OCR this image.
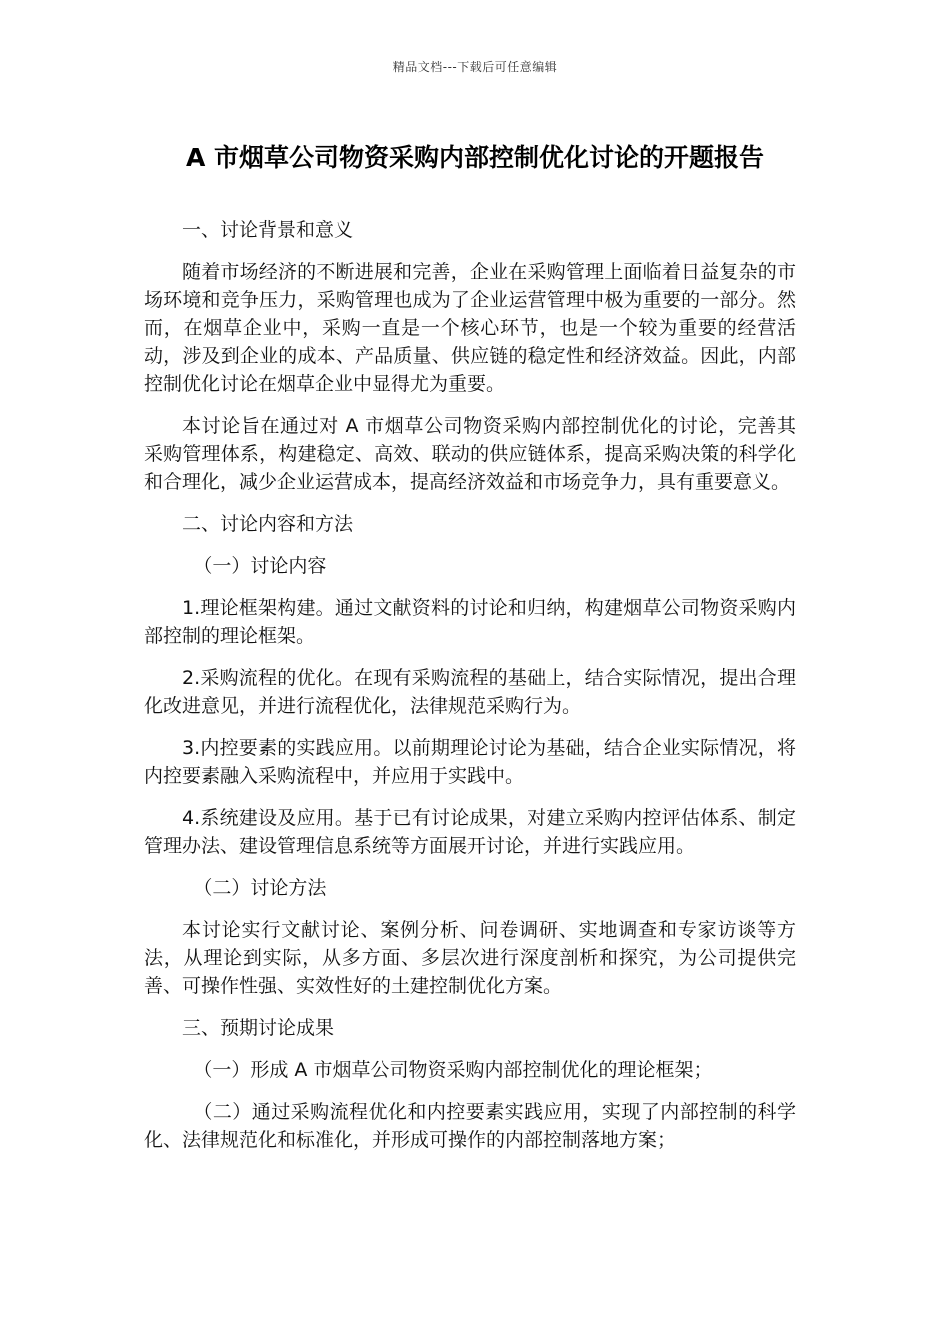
精品文档---下载后可任意编辑
A 市烟草公司物资采购内部控制优化讨论的开题报告

一、讨论背景和意义

随着市场经济的不断进展和完善，企业在采购管理上面临着日益复杂的市场环境和竞争压力，采购管理也成为了企业运营管理中极为重要的一部分。然而，在烟草企业中，采购一直是一个核心环节，也是一个较为重要的经营活动，涉及到企业的成本、产品质量、供应链的稳定性和经济效益。因此，内部控制优化讨论在烟草企业中显得尤为重要。

本讨论旨在通过对 A 市烟草公司物资采购内部控制优化的讨论，完善其采购管理体系，构建稳定、高效、联动的供应链体系，提高采购决策的科学化和合理化，减少企业运营成本，提高经济效益和市场竞争力，具有重要意义。

二、讨论内容和方法

（一）讨论内容

1.理论框架构建。通过文献资料的讨论和归纳，构建烟草公司物资采购内部控制的理论框架。

2.采购流程的优化。在现有采购流程的基础上，结合实际情况，提出合理化改进意见，并进行流程优化，法律规范采购行为。

3.内控要素的实践应用。以前期理论讨论为基础，结合企业实际情况，将内控要素融入采购流程中，并应用于实践中。

4.系统建设及应用。基于已有讨论成果，对建立采购内控评估体系、制定管理办法、建设管理信息系统等方面展开讨论，并进行实践应用。

（二）讨论方法

本讨论实行文献讨论、案例分析、问卷调研、实地调查和专家访谈等方法，从理论到实际，从多方面、多层次进行深度剖析和探究，为公司提供完善、可操作性强、实效性好的土建控制优化方案。

三、预期讨论成果

（一）形成 A 市烟草公司物资采购内部控制优化的理论框架；

（二）通过采购流程优化和内控要素实践应用，实现了内部控制的科学化、法律规范化和标准化，并形成可操作的内部控制落地方案；
